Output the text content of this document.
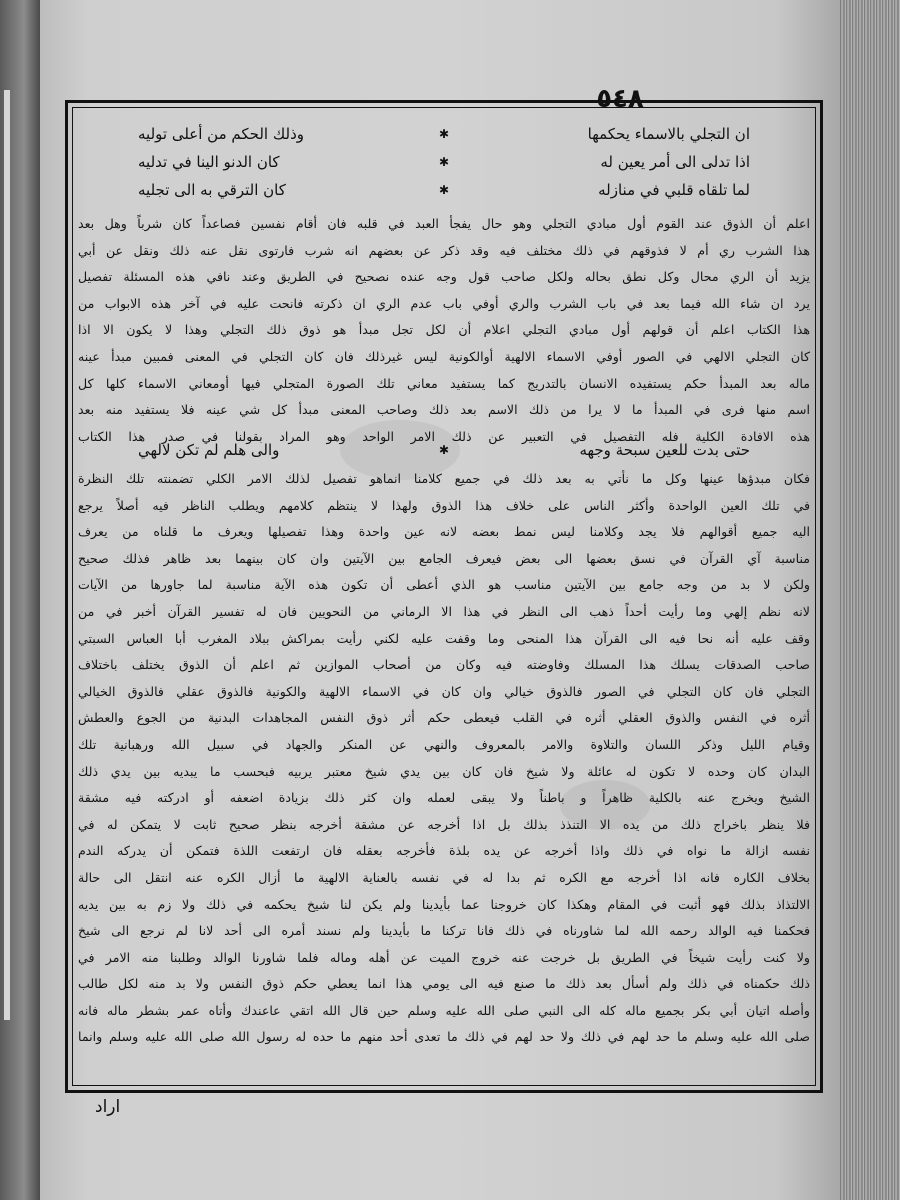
٥٤٨
ان التجلي بالاسماء يحكمها
✱
وذلك الحكم من أعلى توليه
اذا تدلى الى أمر يعين له
✱
كان الدنو الينا في تدليه
لما تلقاه قلبي في منازله
✱
كان الترقي به الى تجليه
اعلم أن الذوق عند القوم أول مبادي التجلي وهو حال يفجأ العبد في قلبه فان أقام نفسين فصاعداً كان شرباً وهل بعد
هذا الشرب ري أم لا فذوقهم في ذلك مختلف فيه وقد ذكر عن بعضهم انه شرب فارتوى نقل عنه ذلك ونقل عن أبي
يزيد أن الري محال وكل نطق بحاله ولكل صاحب قول وجه عنده نصحيح في الطريق وعند نافي هذه المسئلة تفصيل
يرد ان شاء الله فيما بعد في باب الشرب والري أوفي باب عدم الري ان ذكرته فانحت عليه في آخر هذه الابواب من
هذا الكتاب اعلم أن قولهم أول مبادي التجلي اعلام أن لكل تجل مبدأ هو ذوق ذلك التجلي وهذا لا يكون الا اذا
كان التجلي الالهي في الصور أوفي الاسماء الالهية أوالكونية ليس غيرذلك فان كان التجلي في المعنى فمبين مبدأ عينه
ماله بعد المبدأ حكم يستفيده الانسان بالتدريج كما يستفيد معاني تلك الصورة المتجلي فيها أومعاني الاسماء كلها كل
اسم منها فرى في المبدأ ما لا يرا من ذلك الاسم بعد ذلك وصاحب المعنى مبدأ كل شي عينه فلا يستفيد منه بعد
هذه الافادة الكلية فله التفصيل في التعبير عن ذلك الامر الواحد وهو المراد بقولنا في صدر هذا الكتاب
حتى بدت للعين سبحة وجهه
✱
والى هلم لم تكن لالهي
فكان مبدؤها عينها وكل ما نأتي به بعد ذلك في جميع كلامنا انماهو تفصيل لذلك الامر الكلي تضمنته تلك النظرة
في تلك العين الواحدة وأكثر الناس على خلاف هذا الذوق ولهذا لا ينتظم كلامهم ويطلب الناظر فيه أصلاً يرجع
اليه جميع أقوالهم فلا يجد وكلامنا ليس نمط بعضه لانه عين واحدة وهذا تفصيلها ويعرف ما قلناه من يعرف
مناسبة آي القرآن في نسق بعضها الى بعض فيعرف الجامع بين الآيتين وان كان بينهما بعد ظاهر فذلك صحيح
ولكن لا بد من وجه جامع بين الآيتين مناسب هو الذي أعطى أن تكون هذه الآية مناسبة لما جاورها من الآيات
لانه نظم إلهي وما رأيت أحداً ذهب الى النظر في هذا الا الرماني من النحويين فان له تفسير القرآن أخبر في من
وقف عليه أنه نحا فيه الى القرآن هذا المنحى وما وقفت عليه لكني رأيت بمراكش ببلاد المغرب أبا العباس السبتي
صاحب الصدقات يسلك هذا المسلك وفاوضته فيه وكان من أصحاب الموازين ثم اعلم أن الذوق يختلف باختلاف
التجلي فان كان التجلي في الصور فالذوق خيالي وان كان في الاسماء الالهية والكونية فالذوق عقلي فالذوق الخيالي
أثره في النفس والذوق العقلي أثره في القلب فيعطى حكم أثر ذوق النفس المجاهدات البدنية من الجوع والعطش
وقيام الليل وذكر اللسان والتلاوة والامر بالمعروف والنهي عن المنكر والجهاد في سبيل الله ورهبانية تلك
البدان كان وحده لا تكون له عائلة ولا شيخ فان كان بين يدي شيخ معتبر يربيه فبحسب ما يبديه بين يدي ذلك
الشيخ ويخرج عنه بالكلية ظاهراً و باطناً ولا يبقى لعمله وان كثر ذلك بزيادة اضعفه أو ادركته فيه مشقة
فلا ينظر باخراج ذلك من يده الا التنذذ بذلك بل اذا أخرجه عن مشقة أخرجه بنظر صحيح ثابت لا يتمكن له في
نفسه ازالة ما نواه في ذلك واذا أخرجه عن يده بلذة فأخرجه بعقله فان ارتفعت اللذة فتمكن أن يدركه الندم
بخلاف الكاره فانه اذا أخرجه مع الكره ثم بدا له في نفسه بالعناية الالهية ما أزال الكره عنه انتقل الى حالة
الالتذاذ بذلك فهو أثبت في المقام وهكذا كان خروجنا عما بأيدينا ولم يكن لنا شيخ يحكمه في ذلك ولا زم به بين يديه
فحكمنا فيه الوالد رحمه الله لما شاورناه في ذلك فانا تركنا ما بأيدينا ولم نسند أمره الى أحد لانا لم نرجع الى شيخ
ولا كنت رأيت شيخاً في الطريق بل خرجت عنه خروج الميت عن أهله وماله فلما شاورنا الوالد وطلبنا منه الامر في
ذلك حكمناه في ذلك ولم أسأل بعد ذلك ما صنع فيه الى يومي هذا انما يعطي حكم ذوق النفس ولا بد منه لكل طالب
وأصله اتيان أبي بكر بجميع ماله كله الى النبي صلى الله عليه وسلم حين قال الله اتقي عاعندك وأتاه عمر بشطر ماله فانه
صلى الله عليه وسلم ما حد لهم في ذلك ولا حد لهم في ذلك ما تعدى أحد منهم ما حده له رسول الله صلى الله عليه وسلم وانما
اراد
